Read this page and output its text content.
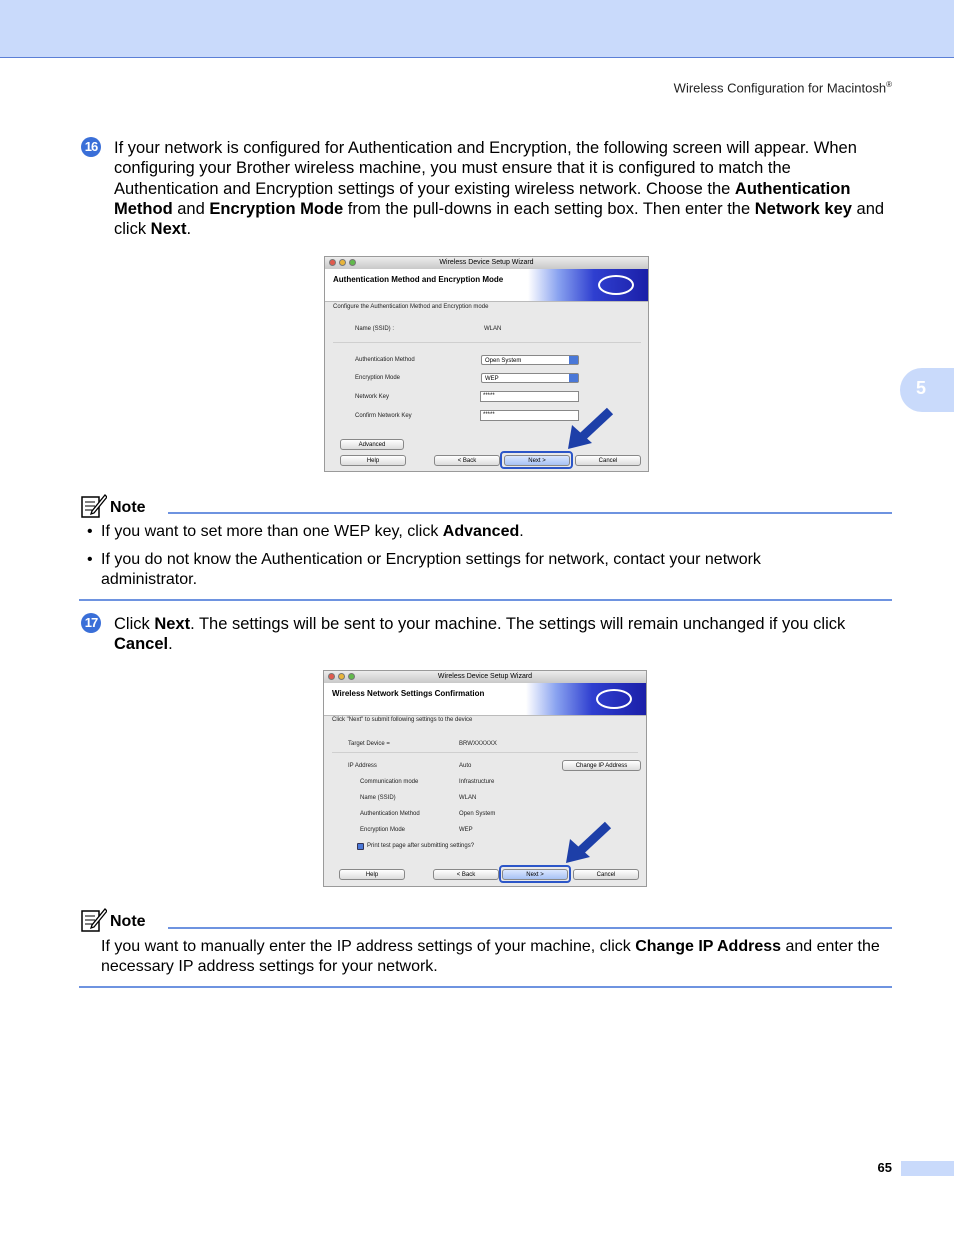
Wireless Configuration for Macintosh®
5
16 If your network is configured for Authentication and Encryption, the following screen will appear. When configuring your Brother wireless machine, you must ensure that it is configured to match the Authentication and Encryption settings of your existing wireless network. Choose the Authentication Method and Encryption Mode from the pull-downs in each setting box. Then enter the Network key and click Next.
Wireless Device Setup Wizard
Authentication Method and Encryption Mode
Configure the Authentication Method and Encryption mode
Name (SSID) :	WLAN
Authentication Method	Open System
Encryption Mode	WEP
Network Key	*****
Confirm Network Key	*****
Advanced
Help	< Back	Next >	Cancel
Note
• If you want to set more than one WEP key, click Advanced.
• If you do not know the Authentication or Encryption settings for network, contact your network administrator.
17 Click Next. The settings will be sent to your machine. The settings will remain unchanged if you click Cancel.
Wireless Device Setup Wizard
Wireless Network Settings Confirmation
Click "Next" to submit following settings to the device
Target Device =	BRWXXXXXX
IP Address	Auto	Change IP Address
Communication mode	Infrastructure
Name (SSID)	WLAN
Authentication Method	Open System
Encryption Mode	WEP
Print test page after submitting settings?
Help	< Back	Next >	Cancel
Note
If you want to manually enter the IP address settings of your machine, click Change IP Address and enter the necessary IP address settings for your network.
65
